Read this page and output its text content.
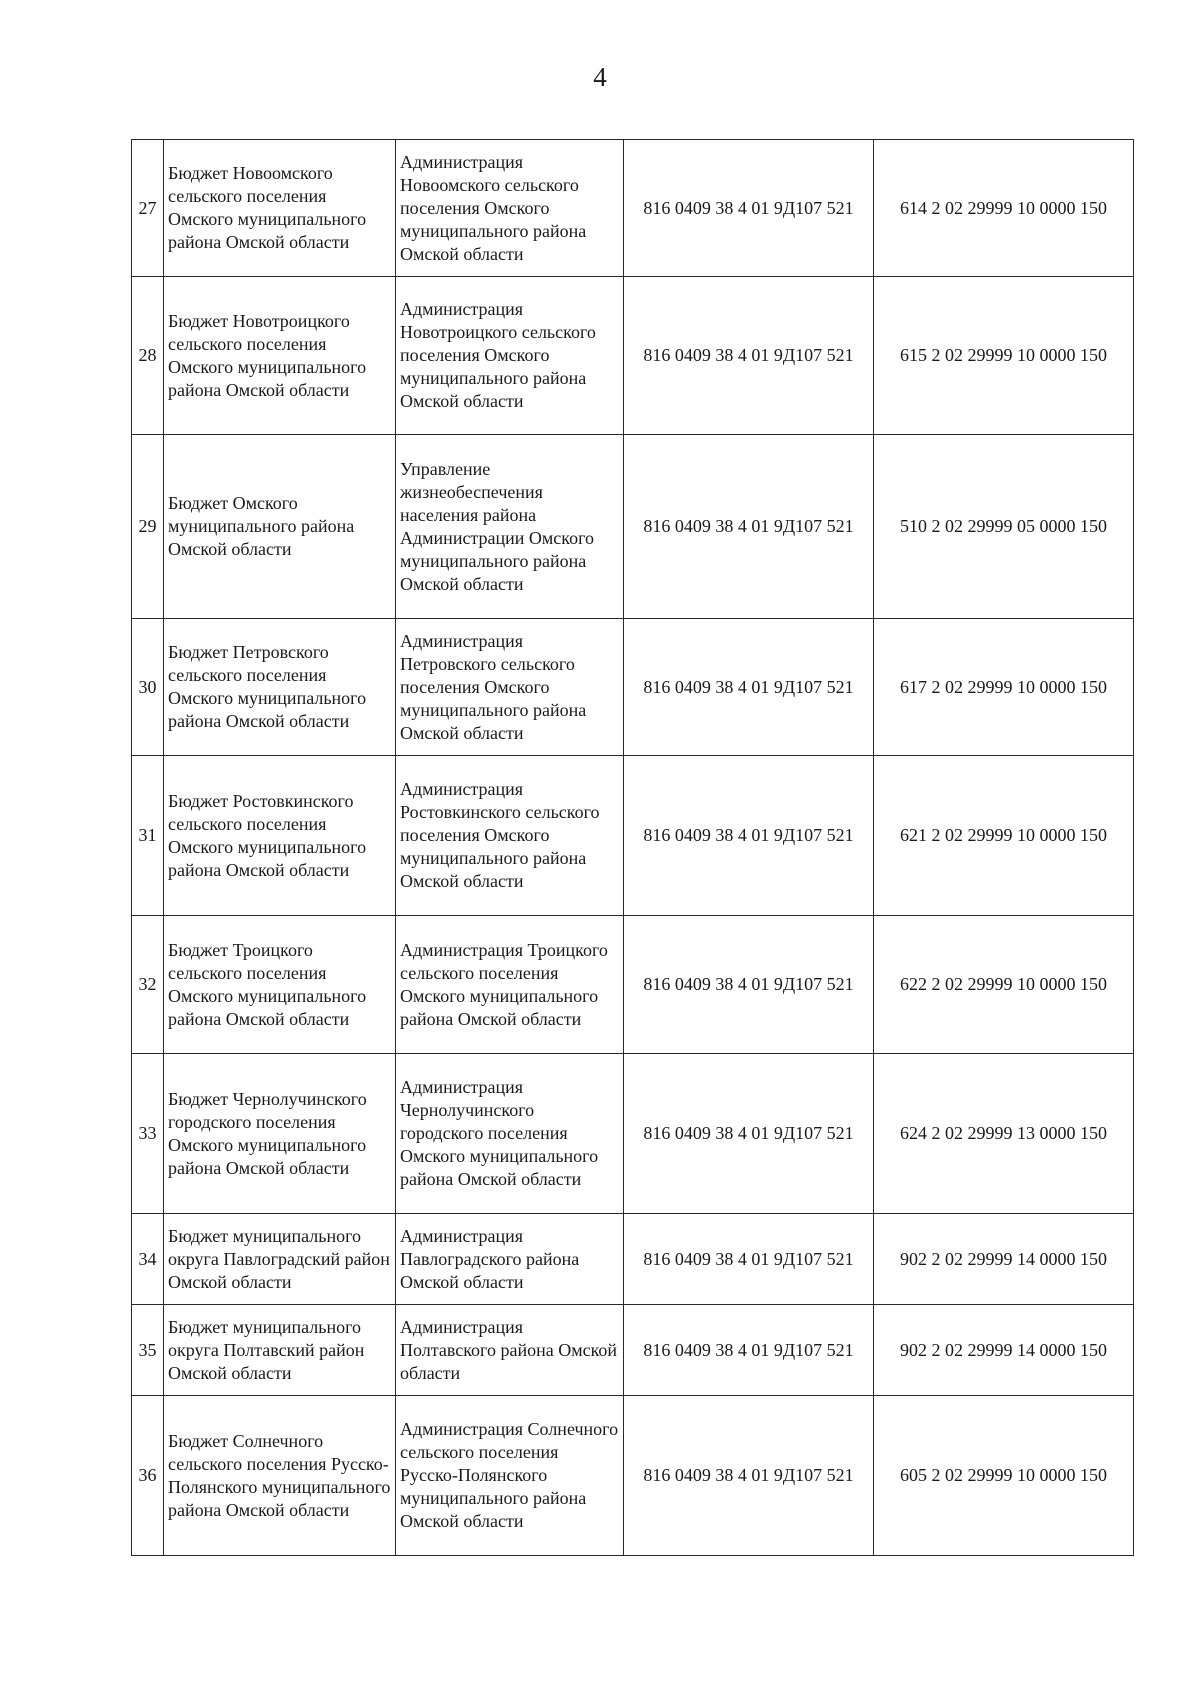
4
27	Бюджет Новоомского сельского поселения Омского муниципального района Омской области	Администрация Новоомского сельского поселения Омского муниципального района Омской области	816 0409 38 4 01 9Д107 521	614 2 02 29999 10 0000 150
28	Бюджет Новотроицкого сельского поселения Омского муниципального района Омской области	Администрация Новотроицкого сельского поселения Омского муниципального района Омской области	816 0409 38 4 01 9Д107 521	615 2 02 29999 10 0000 150
29	Бюджет Омского муниципального района Омской области	Управление жизнеобеспечения населения района Администрации Омского муниципального района Омской области	816 0409 38 4 01 9Д107 521	510 2 02 29999 05 0000 150
30	Бюджет Петровского сельского поселения Омского муниципального района Омской области	Администрация Петровского сельского поселения Омского муниципального района Омской области	816 0409 38 4 01 9Д107 521	617 2 02 29999 10 0000 150
31	Бюджет Ростовкинского сельского поселения Омского муниципального района Омской области	Администрация Ростовкинского сельского поселения Омского муниципального района Омской области	816 0409 38 4 01 9Д107 521	621 2 02 29999 10 0000 150
32	Бюджет Троицкого сельского поселения Омского муниципального района Омской области	Администрация Троицкого сельского поселения Омского муниципального района Омской области	816 0409 38 4 01 9Д107 521	622 2 02 29999 10 0000 150
33	Бюджет Чернолучинского городского поселения Омского муниципального района Омской области	Администрация Чернолучинского городского поселения Омского муниципального района Омской области	816 0409 38 4 01 9Д107 521	624 2 02 29999 13 0000 150
34	Бюджет муниципального округа Павлоградский район Омской области	Администрация Павлоградского района Омской области	816 0409 38 4 01 9Д107 521	902 2 02 29999 14 0000 150
35	Бюджет муниципального округа Полтавский район Омской области	Администрация Полтавского района Омской области	816 0409 38 4 01 9Д107 521	902 2 02 29999 14 0000 150
36	Бюджет Солнечного сельского поселения Русско-Полянского муниципального района Омской области	Администрация Солнечного сельского поселения Русско-Полянского муниципального района Омской области	816 0409 38 4 01 9Д107 521	605 2 02 29999 10 0000 150
